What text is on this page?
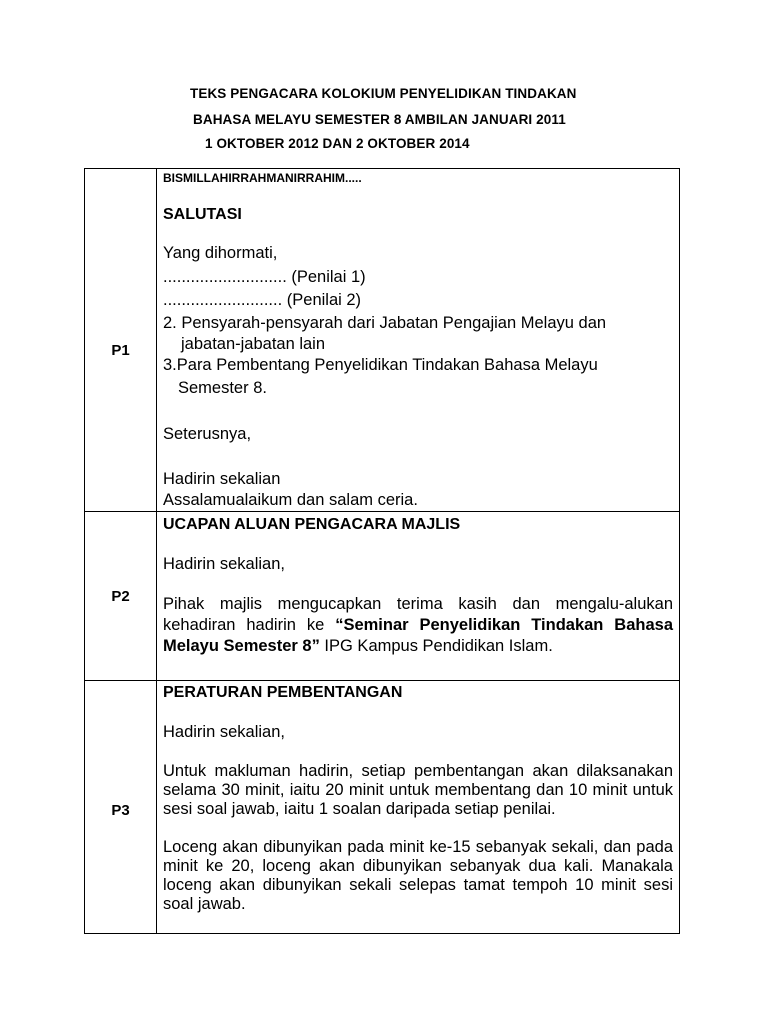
TEKS PENGACARA KOLOKIUM PENYELIDIKAN TINDAKAN
BAHASA MELAYU SEMESTER 8 AMBILAN JANUARI 2011
1 OKTOBER 2012 DAN 2 OKTOBER 2014
P1
P2
P3

BISMILLAHIRRAHMANIRRAHIM.....

SALUTASI

Yang dihormati,

........................... (Penilai 1)

.......................... (Penilai 2)

2. Pensyarah-pensyarah dari Jabatan Pengajian Melayu dan

jabatan-jabatan lain

3.Para Pembentang Penyelidikan Tindakan Bahasa Melayu

Semester 8.

Seterusnya,

Hadirin sekalian

Assalamualaikum dan salam ceria.

UCAPAN ALUAN PENGACARA MAJLIS

Hadirin sekalian,

Pihak majlis mengucapkan terima kasih dan mengalu-alukan kehadiran hadirin ke “Seminar Penyelidikan Tindakan Bahasa Melayu Semester 8” IPG Kampus Pendidikan Islam.

PERATURAN PEMBENTANGAN

Hadirin sekalian,

Untuk makluman hadirin, setiap pembentangan akan dilaksanakan selama 30 minit, iaitu 20 minit untuk membentang dan 10 minit untuk sesi soal jawab, iaitu 1 soalan daripada setiap penilai.

Loceng akan dibunyikan pada minit ke-15 sebanyak sekali, dan pada minit ke 20, loceng akan dibunyikan sebanyak dua kali. Manakala loceng akan dibunyikan sekali selepas tamat tempoh 10 minit sesi soal jawab.
